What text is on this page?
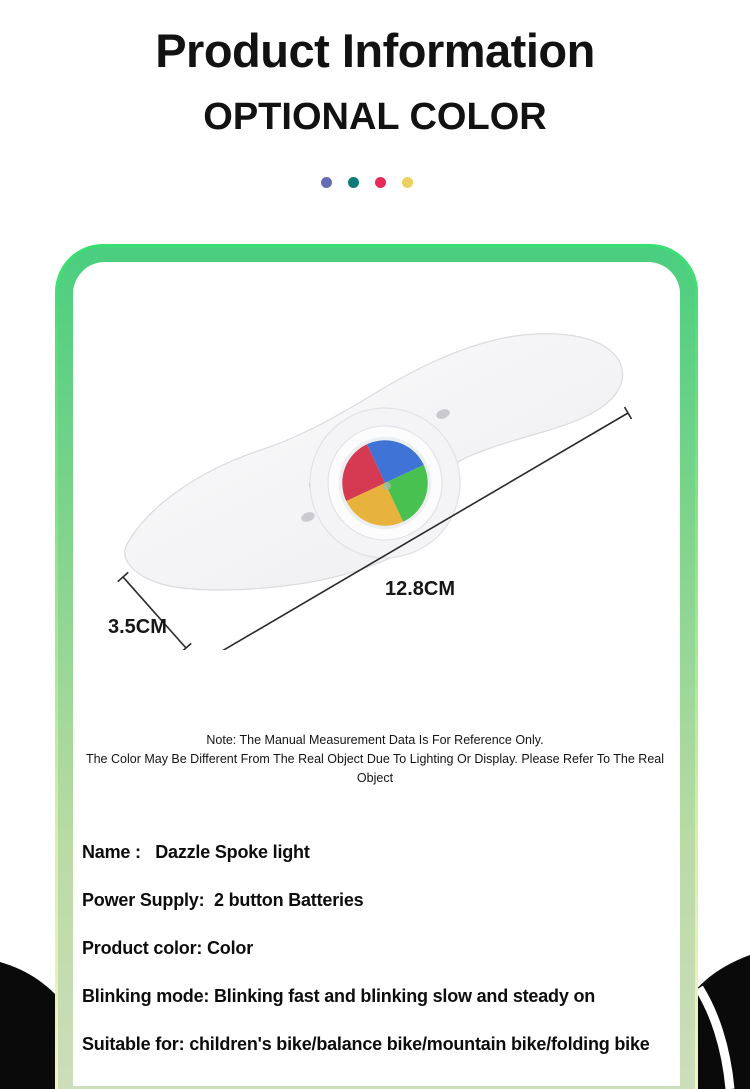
Product Information
OPTIONAL COLOR
12.8CM
3.5CM
Note: The Manual Measurement Data Is For Reference Only.
The Color May Be Different From The Real Object Due To Lighting Or Display. Please Refer To The Real Object
Name :   Dazzle Spoke light
Power Supply:  2 button Batteries
Product color: Color
Blinking mode: Blinking fast and blinking slow and steady on
Suitable for: children's bike/balance bike/mountain bike/folding bike
